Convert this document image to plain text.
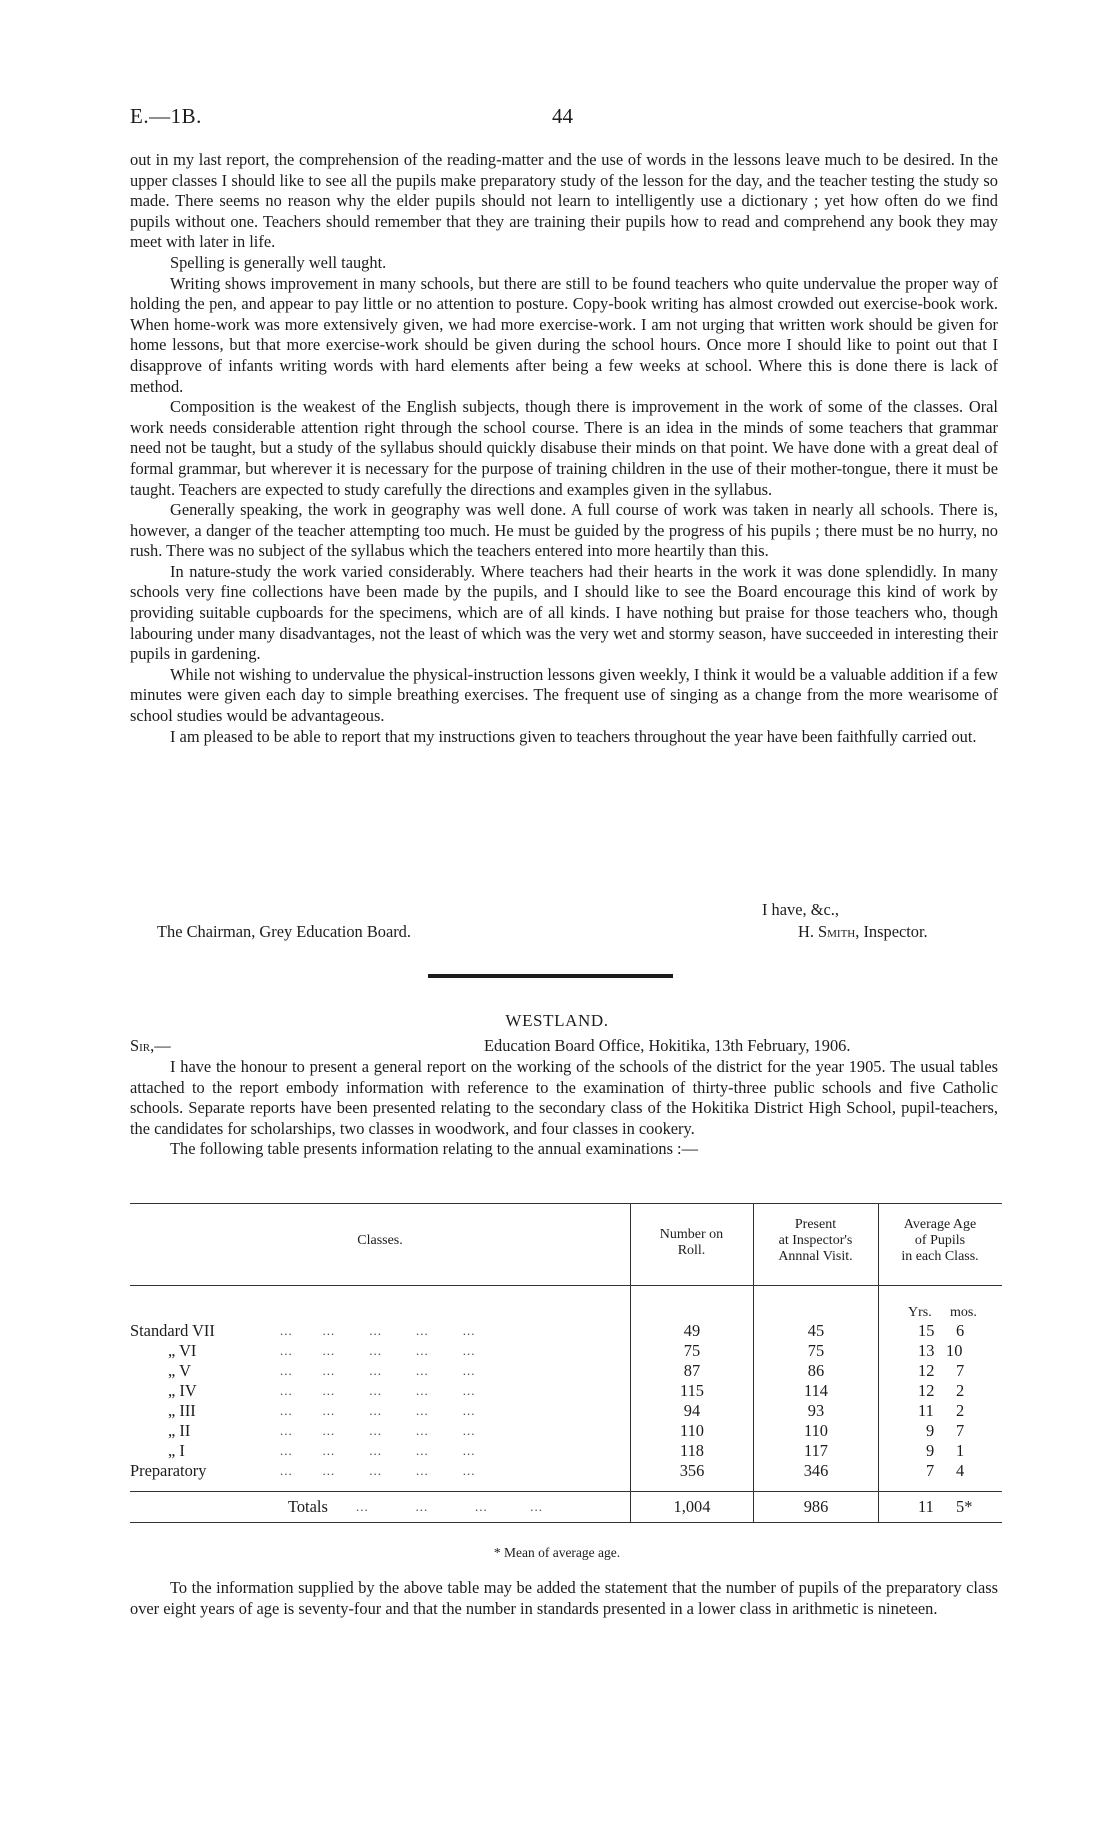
E.—1B.	44

out in my last report, the comprehension of the reading-matter and the use of words in the lessons leave much to be desired. In the upper classes I should like to see all the pupils make preparatory study of the lesson for the day, and the teacher testing the study so made. There seems no reason why the elder pupils should not learn to intelligently use a dictionary ; yet how often do we find pupils without one. Teachers should remember that they are training their pupils how to read and comprehend any book they may meet with later in life.

Spelling is generally well taught.

Writing shows improvement in many schools, but there are still to be found teachers who quite undervalue the proper way of holding the pen, and appear to pay little or no attention to posture. Copy-book writing has almost crowded out exercise-book work. When home-work was more extensively given, we had more exercise-work. I am not urging that written work should be given for home lessons, but that more exercise-work should be given during the school hours. Once more I should like to point out that I disapprove of infants writing words with hard elements after being a few weeks at school. Where this is done there is lack of method.

Composition is the weakest of the English subjects, though there is improvement in the work of some of the classes. Oral work needs considerable attention right through the school course. There is an idea in the minds of some teachers that grammar need not be taught, but a study of the syllabus should quickly disabuse their minds on that point. We have done with a great deal of formal grammar, but wherever it is necessary for the purpose of training children in the use of their mother-tongue, there it must be taught. Teachers are expected to study carefully the directions and examples given in the syllabus.

Generally speaking, the work in geography was well done. A full course of work was taken in nearly all schools. There is, however, a danger of the teacher attempting too much. He must be guided by the progress of his pupils ; there must be no hurry, no rush. There was no subject of the syllabus which the teachers entered into more heartily than this.

In nature-study the work varied considerably. Where teachers had their hearts in the work it was done splendidly. In many schools very fine collections have been made by the pupils, and I should like to see the Board encourage this kind of work by providing suitable cupboards for the specimens, which are of all kinds. I have nothing but praise for those teachers who, though labouring under many disadvantages, not the least of which was the very wet and stormy season, have succeeded in interesting their pupils in gardening.

While not wishing to undervalue the physical-instruction lessons given weekly, I think it would be a valuable addition if a few minutes were given each day to simple breathing exercises. The frequent use of singing as a change from the more wearisome of school studies would be advantageous.

I am pleased to be able to report that my instructions given to teachers throughout the year have been faithfully carried out.

I have, &c.,
The Chairman, Grey Education Board.	H. Smith, Inspector.
WESTLAND.
Sir,—	Education Board Office, Hokitika, 13th February, 1906.

I have the honour to present a general report on the working of the schools of the district for the year 1905. The usual tables attached to the report embody information with reference to the examination of thirty-three public schools and five Catholic schools. Separate reports have been presented relating to the secondary class of the Hokitika District High School, pupil-teachers, the candidates for scholarships, two classes in woodwork, and four classes in cookery.

The following table presents information relating to the annual examinations :—

Classes.	Number on
Roll.
Present
at Inspector's
Annnal Visit.
Average Age
of Pupils
in each Class.
Yrs. mos.
Standard VII	...       ...        ...        ...        ...	49	45	15 6
„ VI	...       ...        ...        ...        ...	75	75	13 10
„ V	...       ...        ...        ...        ...	87	86	12 7
„ IV	...       ...        ...        ...        ...	115	114	12 2
„ III	...       ...        ...        ...        ...	94	93	11 2
„ II	...       ...        ...        ...        ...	110	110	9 7
„ I	...       ...        ...        ...        ...	118	117	9 1
Preparatory	...       ...        ...        ...        ...	356	346	7 4
Totals ...           ...           ...          ...	1,004	986	11 5*
* Mean of average age.

To the information supplied by the above table may be added the statement that the number of pupils of the preparatory class over eight years of age is seventy-four and that the number in standards presented in a lower class in arithmetic is nineteen.
